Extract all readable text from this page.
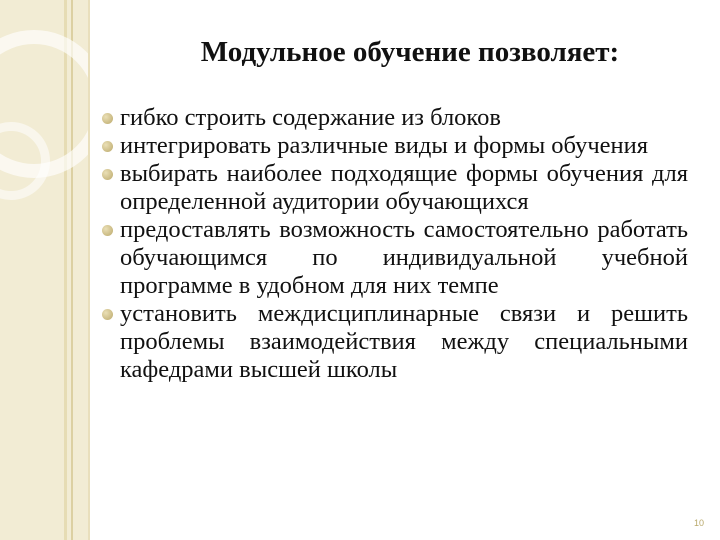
Модульное обучение позволяет:
гибко строить содержание из блоков
интегрировать различные виды и формы обучения
выбирать наиболее подходящие формы обучения для определенной аудитории обучающихся
предоставлять возможность самостоятельно работать обучающимся по индивидуальной учебной программе в удобном для них темпе
установить междисциплинарные связи и решить проблемы взаимодействия между специальными кафедрами высшей школы
10
